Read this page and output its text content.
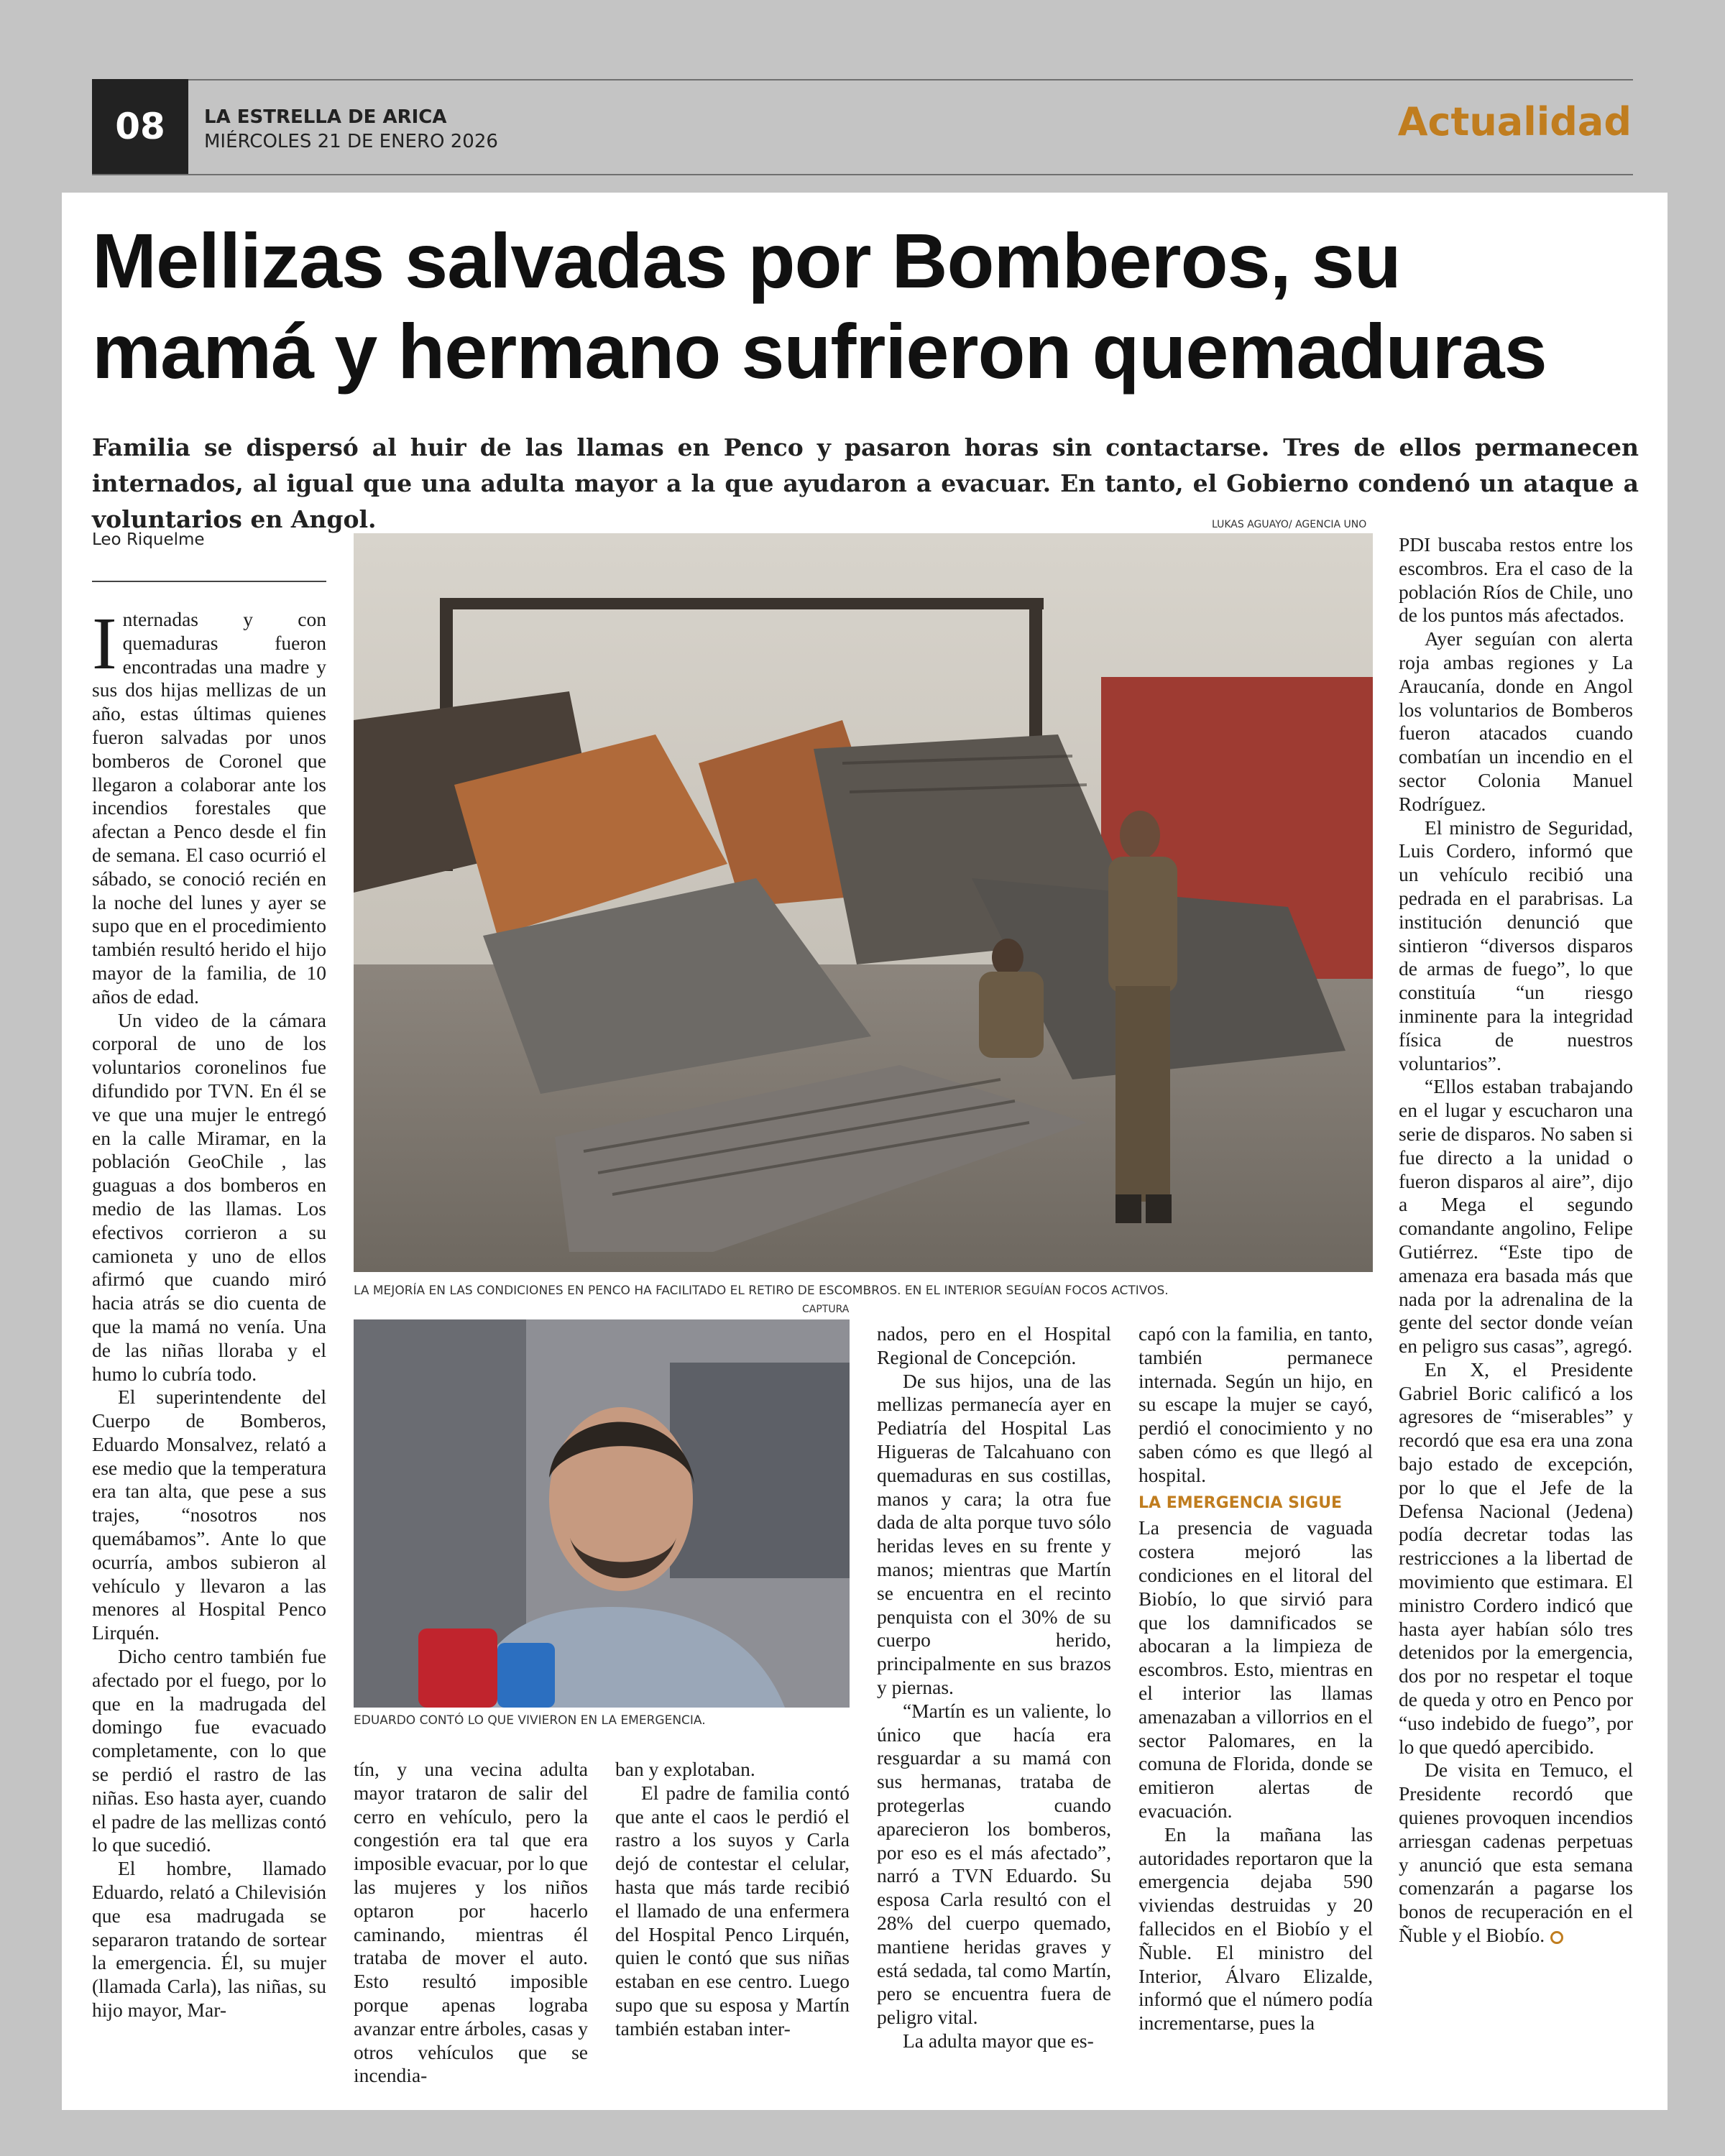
08	LA ESTRELLA DE ARICA
MIÉRCOLES 21 DE ENERO 2026	Actualidad
Mellizas salvadas por Bomberos, su mamá y hermano sufrieron quemaduras
Familia se dispersó al huir de las llamas en Penco y pasaron horas sin contactarse. Tres de ellos permanecen internados, al igual que una adulta mayor a la que ayudaron a evacuar. En tanto, el Gobierno condenó un ataque a voluntarios en Angol.
Leo Riquelme
LUKAS AGUAYO/ AGENCIA UNO
LA MEJORÍA EN LAS CONDICIONES EN PENCO HA FACILITADO EL RETIRO DE ESCOMBROS. EN EL INTERIOR SEGUÍAN FOCOS ACTIVOS.
CAPTURA
EDUARDO CONTÓ LO QUE VIVIERON EN LA EMERGENCIA.

Internadas y con quemaduras fueron encontradas una madre y sus dos hijas mellizas de un año, estas últimas quienes fueron salvadas por unos bomberos de Coronel que llegaron a colaborar ante los incendios forestales que afectan a Penco desde el fin de semana. El caso ocurrió el sábado, se conoció recién en la noche del lunes y ayer se supo que en el procedimiento también resultó herido el hijo mayor de la familia, de 10 años de edad.

Un video de la cámara corporal de uno de los voluntarios coronelinos fue difundido por TVN. En él se ve que una mujer le entregó en la calle Miramar, en la población GeoChile , las guaguas a dos bomberos en medio de las llamas. Los efectivos corrieron a su camioneta y uno de ellos afirmó que cuando miró hacia atrás se dio cuenta de que la mamá no venía. Una de las niñas lloraba y el humo lo cubría todo.

El superintendente del Cuerpo de Bomberos, Eduardo Monsalvez, relató a ese medio que la temperatura era tan alta, que pese a sus trajes, “nosotros nos quemábamos”. Ante lo que ocurría, ambos subieron al vehículo y llevaron a las menores al Hospital Penco Lirquén.

Dicho centro también fue afectado por el fuego, por lo que en la madrugada del domingo fue evacuado completamente, con lo que se perdió el rastro de las niñas. Eso hasta ayer, cuando el padre de las mellizas contó lo que sucedió.

El hombre, llamado Eduardo, relató a Chilevisión que esa madrugada se separaron tratando de sortear la emergencia. Él, su mujer (llamada Carla), las niñas, su hijo mayor, Mar-

tín, y una vecina adulta mayor trataron de salir del cerro en vehículo, pero la congestión era tal que era imposible evacuar, por lo que las mujeres y los niños optaron por hacerlo caminando, mientras él trataba de mover el auto. Esto resultó imposible porque apenas lograba avanzar entre árboles, casas y otros vehículos que se incendia-

ban y explotaban.

El padre de familia contó que ante el caos le perdió el rastro a los suyos y Carla dejó de contestar el celular, hasta que más tarde recibió el llamado de una enfermera del Hospital Penco Lirquén, quien le contó que sus niñas estaban en ese centro. Luego supo que su esposa y Martín también estaban inter-

nados, pero en el Hospital Regional de Concepción.

De sus hijos, una de las mellizas permanecía ayer en Pediatría del Hospital Las Higueras de Talcahuano con quemaduras en sus costillas, manos y cara; la otra fue dada de alta porque tuvo sólo heridas leves en su frente y manos; mientras que Martín se encuentra en el recinto penquista con el 30% de su cuerpo herido, principalmente en sus brazos y piernas.

“Martín es un valiente, lo único que hacía era resguardar a su mamá con sus hermanas, trataba de protegerlas cuando aparecieron los bomberos, por eso es el más afectado”, narró a TVN Eduardo. Su esposa Carla resultó con el 28% del cuerpo quemado, mantiene heridas graves y está sedada, tal como Martín, pero se encuentra fuera de peligro vital.

La adulta mayor que es-

capó con la familia, en tanto, también permanece internada. Según un hijo, en su escape la mujer se cayó, perdió el conocimiento y no saben cómo es que llegó al hospital.

LA EMERGENCIA SIGUE

La presencia de vaguada costera mejoró las condiciones en el litoral del Biobío, lo que sirvió para que los damnificados se abocaran a la limpieza de escombros. Esto, mientras en el interior las llamas amenazaban a villorrios en el sector Palomares, en la comuna de Florida, donde se emitieron alertas de evacuación.

En la mañana las autoridades reportaron que la emergencia dejaba 590 viviendas destruidas y 20 fallecidos en el Biobío y el Ñuble. El ministro del Interior, Álvaro Elizalde, informó que el número podía incrementarse, pues la

PDI buscaba restos entre los escombros. Era el caso de la población Ríos de Chile, uno de los puntos más afectados.

Ayer seguían con alerta roja ambas regiones y La Araucanía, donde en Angol los voluntarios de Bomberos fueron atacados cuando combatían un incendio en el sector Colonia Manuel Rodríguez.

El ministro de Seguridad, Luis Cordero, informó que un vehículo recibió una pedrada en el parabrisas. La institución denunció que sintieron “diversos disparos de armas de fuego”, lo que constituía “un riesgo inminente para la integridad física de nuestros voluntarios”.

“Ellos estaban trabajando en el lugar y escucharon una serie de disparos. No saben si fue directo a la unidad o fueron disparos al aire”, dijo a Mega el segundo comandante angolino, Felipe Gutiérrez. “Este tipo de amenaza era basada más que nada por la adrenalina de la gente del sector donde veían en peligro sus casas”, agregó.

En X, el Presidente Gabriel Boric calificó a los agresores de “miserables” y recordó que esa era una zona bajo estado de excepción, por lo que el Jefe de la Defensa Nacional (Jedena) podía decretar todas las restricciones a la libertad de movimiento que estimara. El ministro Cordero indicó que hasta ayer habían sólo tres detenidos por la emergencia, dos por no respetar el toque de queda y otro en Penco por “uso indebido de fuego”, por lo que quedó apercibido.

De visita en Temuco, el Presidente recordó que quienes provoquen incendios arriesgan cadenas perpetuas y anunció que esta semana comenzarán a pagarse los bonos de recuperación en el Ñuble y el Biobío.
